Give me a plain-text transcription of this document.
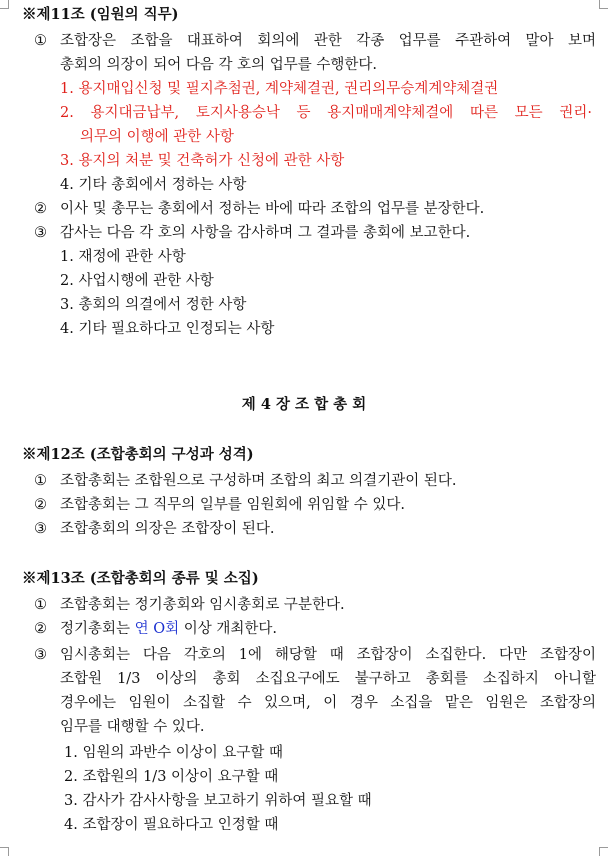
※제11조 (임원의 직무)
① 조합장은 조합을 대표하여 회의에 관한 각종 업무를 주관하여 말아 보며
총회의 의장이 되어 다음 각 호의 업무를 수행한다.
1. 용지매입신청 및 필지추첨권, 계약체결권, 권리의무승계계약체결권
2. 용지대금납부, 토지사용승낙 등 용지매매계약체결에 따른 모든 권리·
의무의 이행에 관한 사항
3. 용지의 처분 및 건축허가 신청에 관한 사항
4. 기타 총회에서 정하는 사항
② 이사 및 총무는 총회에서 정하는 바에 따라 조합의 업무를 분장한다.
③ 감사는 다음 각 호의 사항을 감사하며 그 결과를 총회에 보고한다.
1. 재정에 관한 사항
2. 사업시행에 관한 사항
3. 총회의 의결에서 정한 사항
4. 기타 필요하다고 인정되는 사항
제 4 장 조 합 총 회
※제12조 (조합총회의 구성과 성격)
① 조합총회는 조합원으로 구성하며 조합의 최고 의결기관이 된다.
② 조합총회는 그 직무의 일부를 임원회에 위임할 수 있다.
③ 조합총회의 의장은 조합장이 된다.
※제13조 (조합총회의 종류 및 소집)
① 조합총회는 정기총회와 임시총회로 구분한다.
② 정기총회는 연 O회 이상 개최한다.
③ 임시총회는 다음 각호의 1에 해당할 때 조합장이 소집한다. 다만 조합장이
조합원 1/3 이상의 총회 소집요구에도 불구하고 총회를 소집하지 아니할
경우에는 임원이 소집할 수 있으며, 이 경우 소집을 맡은 임원은 조합장의
임무를 대행할 수 있다.
1. 임원의 과반수 이상이 요구할 때
2. 조합원의 1/3 이상이 요구할 때
3. 감사가 감사사항을 보고하기 위하여 필요할 때
4. 조합장이 필요하다고 인정할 때
